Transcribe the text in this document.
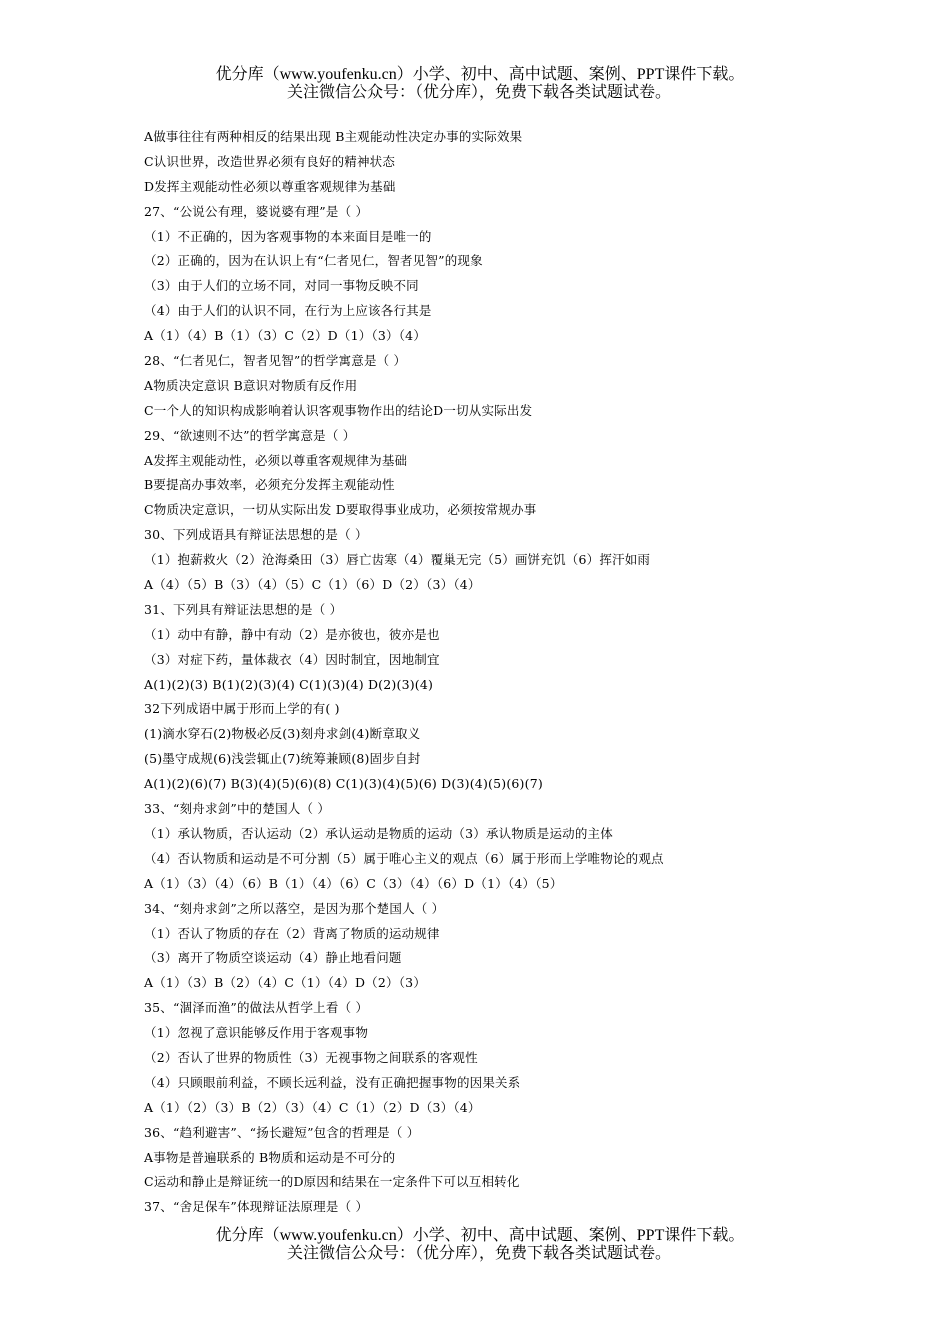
优分库（www.youfenku.cn）小学、初中、高中试题、案例、PPT课件下载。
关注微信公众号：（优分库），免费下载各类试题试卷。
A做事往往有两种相反的结果出现 B主观能动性决定办事的实际效果
C认识世界，改造世界必须有良好的精神状态
D发挥主观能动性必须以尊重客观规律为基础
27、“公说公有理，婆说婆有理”是（ ）
（1）不正确的，因为客观事物的本来面目是唯一的
（2）正确的，因为在认识上有“仁者见仁，智者见智”的现象
（3）由于人们的立场不同，对同一事物反映不同
（4）由于人们的认识不同，在行为上应该各行其是
A（1）（4）B（1）（3）C（2）D（1）（3）（4）
28、“仁者见仁，智者见智”的哲学寓意是（ ）
A物质决定意识 B意识对物质有反作用
C一个人的知识构成影响着认识客观事物作出的结论D一切从实际出发
29、“欲速则不达”的哲学寓意是（ ）
A发挥主观能动性，必须以尊重客观规律为基础
B要提高办事效率，必须充分发挥主观能动性
C物质决定意识，一切从实际出发 D要取得事业成功，必须按常规办事
30、下列成语具有辩证法思想的是（ ）
（1）抱薪救火（2）沧海桑田（3）唇亡齿寒（4）覆巢无完（5）画饼充饥（6）挥汗如雨
A（4）（5）B（3）（4）（5）C（1）（6）D（2）（3）（4）
31、下列具有辩证法思想的是（ ）
（1）动中有静，静中有动（2）是亦彼也，彼亦是也
（3）对症下药，量体裁衣（4）因时制宜，因地制宜
A(1)(2)(3) B(1)(2)(3)(4) C(1)(3)(4) D(2)(3)(4)
32下列成语中属于形而上学的有( )
(1)滴水穿石(2)物极必反(3)刻舟求剑(4)断章取义
(5)墨守成规(6)浅尝辄止(7)统筹兼顾(8)固步自封
A(1)(2)(6)(7) B(3)(4)(5)(6)(8) C(1)(3)(4)(5)(6) D(3)(4)(5)(6)(7)
33、“刻舟求剑”中的楚国人（ ）
（1）承认物质，否认运动（2）承认运动是物质的运动（3）承认物质是运动的主体
（4）否认物质和运动是不可分割（5）属于唯心主义的观点（6）属于形而上学唯物论的观点
A（1）（3）（4）（6）B（1）（4）（6）C（3）（4）（6）D（1）（4）（5）
34、“刻舟求剑”之所以落空，是因为那个楚国人（ ）
（1）否认了物质的存在（2）背离了物质的运动规律
（3）离开了物质空谈运动（4）静止地看问题
A（1）（3）B（2）（4）C（1）（4）D（2）（3）
35、“涸泽而渔”的做法从哲学上看（ ）
（1）忽视了意识能够反作用于客观事物
（2）否认了世界的物质性（3）无视事物之间联系的客观性
（4）只顾眼前利益，不顾长远利益，没有正确把握事物的因果关系
A（1）（2）（3）B（2）（3）（4）C（1）（2）D（3）（4）
36、“趋利避害”、“扬长避短”包含的哲理是（ ）
A事物是普遍联系的 B物质和运动是不可分的
C运动和静止是辩证统一的D原因和结果在一定条件下可以互相转化
37、“舍足保车”体现辩证法原理是（ ）
优分库（www.youfenku.cn）小学、初中、高中试题、案例、PPT课件下载。
关注微信公众号：（优分库），免费下载各类试题试卷。
